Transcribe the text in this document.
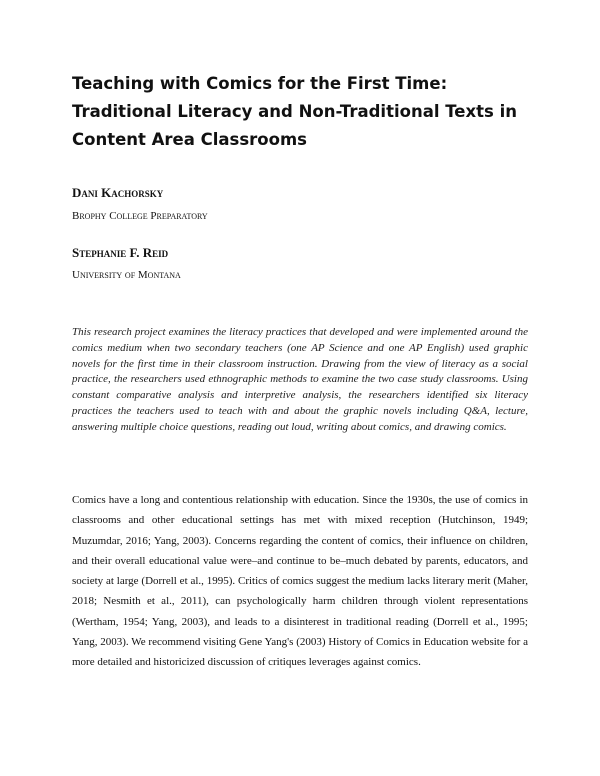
Teaching with Comics for the First Time:
Traditional Literacy and Non-Traditional Texts in
Content Area Classrooms
Dani Kachorsky
Brophy College Preparatory
Stephanie F. Reid
University of Montana

This research project examines the literacy practices that developed and were implemented around the comics medium when two secondary teachers (one AP Science and one AP English) used graphic novels for the first time in their classroom instruction. Drawing from the view of literacy as a social practice, the researchers used ethnographic methods to examine the two case study classrooms. Using constant comparative analysis and interpretive analysis, the researchers identified six literacy practices the teachers used to teach with and about the graphic novels including Q&A, lecture, answering multiple choice questions, reading out loud, writing about comics, and drawing comics.

Comics have a long and contentious relationship with education. Since the 1930s, the use of comics in classrooms and other educational settings has met with mixed reception (Hutchinson, 1949; Muzumdar, 2016; Yang, 2003). Concerns regarding the content of comics, their influence on children, and their overall educational value were–and continue to be–much debated by parents, educators, and society at large (Dorrell et al., 1995). Critics of comics suggest the medium lacks literary merit (Maher, 2018; Nesmith et al., 2011), can psychologically harm children through violent representations (Wertham, 1954; Yang, 2003), and leads to a disinterest in traditional reading (Dorrell et al., 1995; Yang, 2003). We recommend visiting Gene Yang's (2003) History of Comics in Education website for a more detailed and historicized discussion of critiques leverages against comics.
